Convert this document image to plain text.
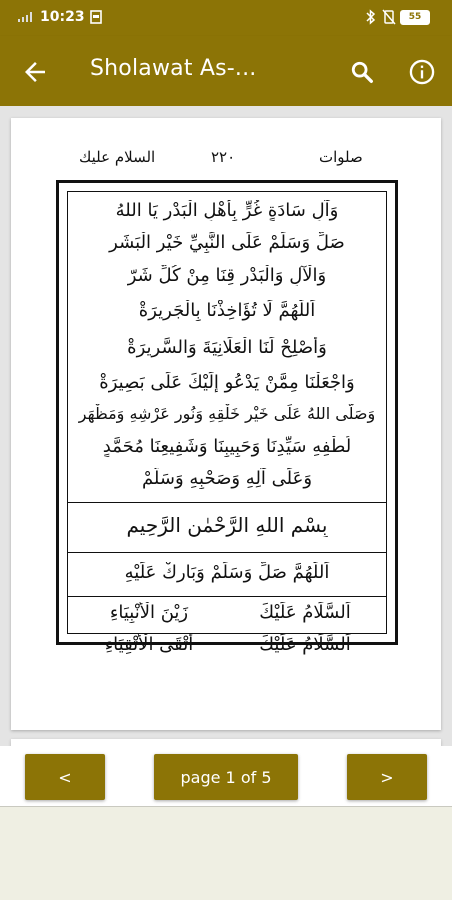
10:23	55
Sholawat As-...
صلوات
٢٢٠
السلام عليك
وَآلِ سَادَةٍ غُرٍّ بِأَهْلِ الْبَدْرِ يَا اللهُ
صَلِّ وَسَلِّمْ عَلَى النَّبِيِّ خَيْرِ الْبَشَرِ
وَالْآلِ وَالْبَدْرِ قِنَا مِنْ كُلِّ شَرّ
اَللّٰهُمَّ لَا تُؤَاخِذْنَا بِالْجَرِيرَةْ
وَأَصْلِحْ لَنَا الْعَلَانِيَةَ وَالسَّرِيرَةْ
وَاجْعَلْنَا مِمَّنْ يَدْعُو إِلَيْكَ عَلَى بَصِيرَةْ
وَصَلَّى اللهُ عَلَى خَيْرِ خَلْقِهِ وَنُورِ عَرْشِهِ وَمَظْهَرِ
لُطْفِهِ سَيِّدِنَا وَحَبِيبِنَا وَشَفِيعِنَا مُحَمَّدٍ
وَعَلَى آلِهِ وَصَحْبِهِ وَسَلَّمْ
بِسْمِ اللهِ الرَّحْمٰنِ الرَّحِيمِ
اَللّٰهُمَّ صَلِّ وَسَلِّمْ وَبَارِكْ عَلَيْهِ
اَلسَّلَامُ عَلَيْكَ
زَيْنَ الْأَنْبِيَاءِ
اَلسَّلَامُ عَلَيْكَ
أَتْقَى الْأَتْقِيَاءِ
<	page 1 of 5	>
